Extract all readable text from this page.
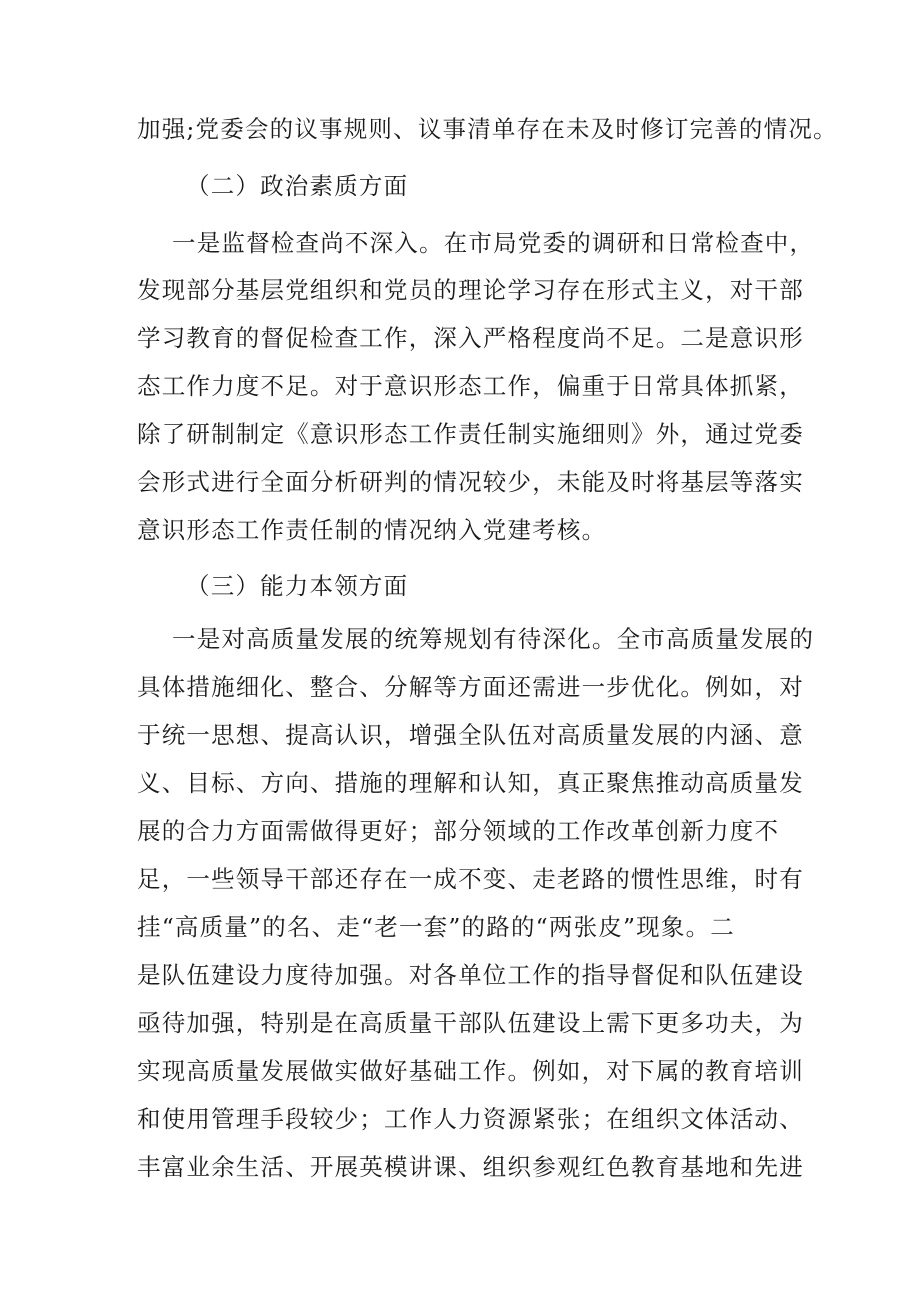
加强;党委会的议事规则、议事清单存在未及时修订完善的情况。
（二）政治素质方面
一是监督检查尚不深入。在市局党委的调研和日常检查中，
发现部分基层党组织和党员的理论学习存在形式主义，对干部
学习教育的督促检查工作，深入严格程度尚不足。二是意识形
态工作力度不足。对于意识形态工作，偏重于日常具体抓紧，
除了研制制定《意识形态工作责任制实施细则》外，通过党委
会形式进行全面分析研判的情况较少，未能及时将基层等落实
意识形态工作责任制的情况纳入党建考核。
（三）能力本领方面
一是对高质量发展的统筹规划有待深化。全市高质量发展的
具体措施细化、整合、分解等方面还需进一步优化。例如，对
于统一思想、提高认识，增强全队伍对高质量发展的内涵、意
义、目标、方向、措施的理解和认知，真正聚焦推动高质量发
展的合力方面需做得更好；部分领域的工作改革创新力度不
足，一些领导干部还存在一成不变、走老路的惯性思维，时有
挂“高质量”的名、走“老一套”的路的“两张皮”现象。二
是队伍建设力度待加强。对各单位工作的指导督促和队伍建设
亟待加强，特别是在高质量干部队伍建设上需下更多功夫，为
实现高质量发展做实做好基础工作。例如，对下属的教育培训
和使用管理手段较少；工作人力资源紧张；在组织文体活动、
丰富业余生活、开展英模讲课、组织参观红色教育基地和先进
